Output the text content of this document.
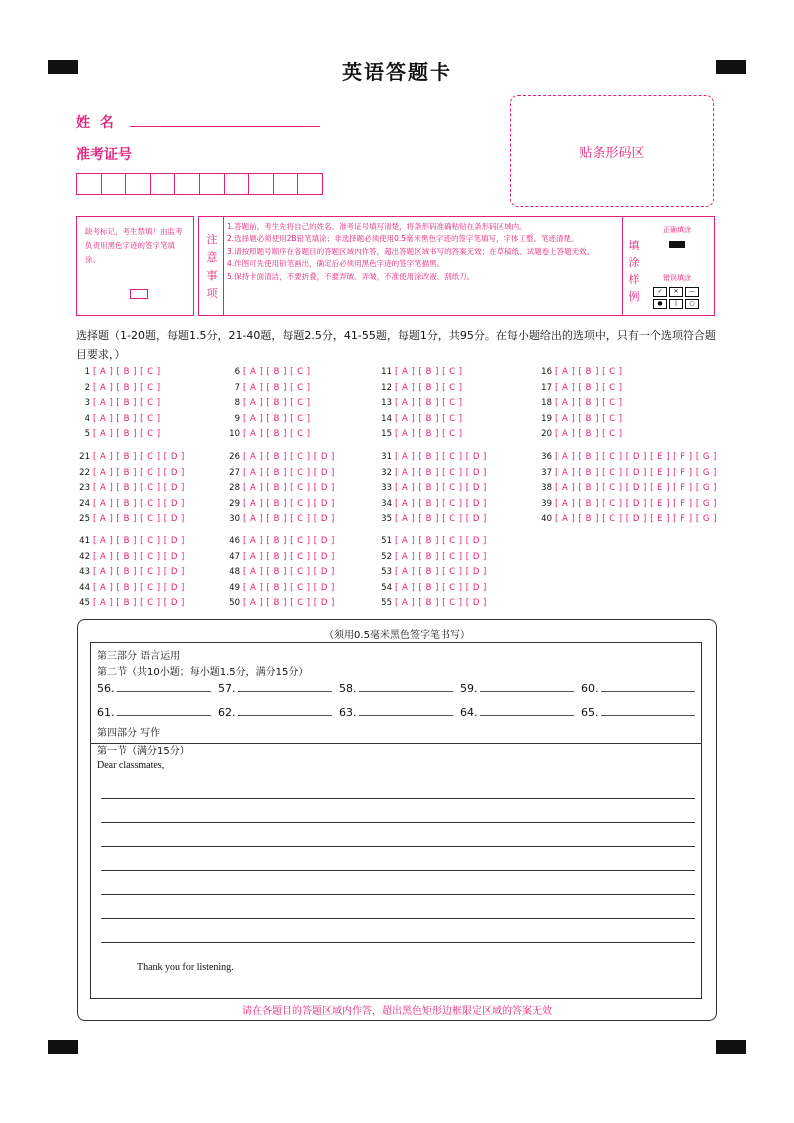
英语答题卡
姓  名
准考证号	贴条形码区
缺考标记，考生禁填！由监考负责用黑色字迹的签字笔填涂。
注意事项
1.答题前，考生先将自己的姓名、准考证号填写清楚，将条形码准确粘贴在条形码区域内。
2.选择题必须使用2B铅笔填涂；非选择题必须使用0.5毫米黑色字迹的签字笔填写，字体工整、笔迹清楚。
3.请按照题号顺序在各题目的答题区域内作答，超出答题区域书写的答案无效；在草稿纸、试题卷上答题无效。
4.作图可先使用铅笔画出，确定后必须用黑色字迹的签字笔描黑。
5.保持卡面清洁，不要折叠，不要弄破、弄皱，不准使用涂改液、刮纸刀。
填涂样例
正确填涂
错误填涂
✓	✕	—
●	|	○
选择题（1-20题，每题1.5分，21-40题，每题2.5分，41-55题，每题1分，共95分。在每小题给出的选项中，只有一个选项符合题目要求，）
1 [ A ] [ B ] [ C ]
2 [ A ] [ B ] [ C ]
3 [ A ] [ B ] [ C ]
4 [ A ] [ B ] [ C ]
5 [ A ] [ B ] [ C ]
6 [ A ] [ B ] [ C ]
7 [ A ] [ B ] [ C ]
8 [ A ] [ B ] [ C ]
9 [ A ] [ B ] [ C ]
10 [ A ] [ B ] [ C ]
11 [ A ] [ B ] [ C ]
12 [ A ] [ B ] [ C ]
13 [ A ] [ B ] [ C ]
14 [ A ] [ B ] [ C ]
15 [ A ] [ B ] [ C ]
16 [ A ] [ B ] [ C ]
17 [ A ] [ B ] [ C ]
18 [ A ] [ B ] [ C ]
19 [ A ] [ B ] [ C ]
20 [ A ] [ B ] [ C ]
21 [ A ] [ B ] [ C ] [ D ]
22 [ A ] [ B ] [ C ] [ D ]
23 [ A ] [ B ] [ C ] [ D ]
24 [ A ] [ B ] [ C ] [ D ]
25 [ A ] [ B ] [ C ] [ D ]
26 [ A ] [ B ] [ C ] [ D ]
27 [ A ] [ B ] [ C ] [ D ]
28 [ A ] [ B ] [ C ] [ D ]
29 [ A ] [ B ] [ C ] [ D ]
30 [ A ] [ B ] [ C ] [ D ]
31 [ A ] [ B ] [ C ] [ D ]
32 [ A ] [ B ] [ C ] [ D ]
33 [ A ] [ B ] [ C ] [ D ]
34 [ A ] [ B ] [ C ] [ D ]
35 [ A ] [ B ] [ C ] [ D ]
36 [ A ] [ B ] [ C ] [ D ] [ E ] [ F ] [ G ]
37 [ A ] [ B ] [ C ] [ D ] [ E ] [ F ] [ G ]
38 [ A ] [ B ] [ C ] [ D ] [ E ] [ F ] [ G ]
39 [ A ] [ B ] [ C ] [ D ] [ E ] [ F ] [ G ]
40 [ A ] [ B ] [ C ] [ D ] [ E ] [ F ] [ G ]
41 [ A ] [ B ] [ C ] [ D ]
42 [ A ] [ B ] [ C ] [ D ]
43 [ A ] [ B ] [ C ] [ D ]
44 [ A ] [ B ] [ C ] [ D ]
45 [ A ] [ B ] [ C ] [ D ]
46 [ A ] [ B ] [ C ] [ D ]
47 [ A ] [ B ] [ C ] [ D ]
48 [ A ] [ B ] [ C ] [ D ]
49 [ A ] [ B ] [ C ] [ D ]
50 [ A ] [ B ] [ C ] [ D ]
51 [ A ] [ B ] [ C ] [ D ]
52 [ A ] [ B ] [ C ] [ D ]
53 [ A ] [ B ] [ C ] [ D ]
54 [ A ] [ B ] [ C ] [ D ]
55 [ A ] [ B ] [ C ] [ D ]
（须用0.5毫米黑色签字笔书写）
第三部分 语言运用
第二节（共10小题；每小题1.5分，满分15分）
56.	57.	58.	59.	60.
61.	62.	63.	64.	65.
第四部分 写作
第一节（满分15分）
Dear classmates,
Thank you for listening.
请在各题目的答题区域内作答，超出黑色矩形边框限定区域的答案无效
